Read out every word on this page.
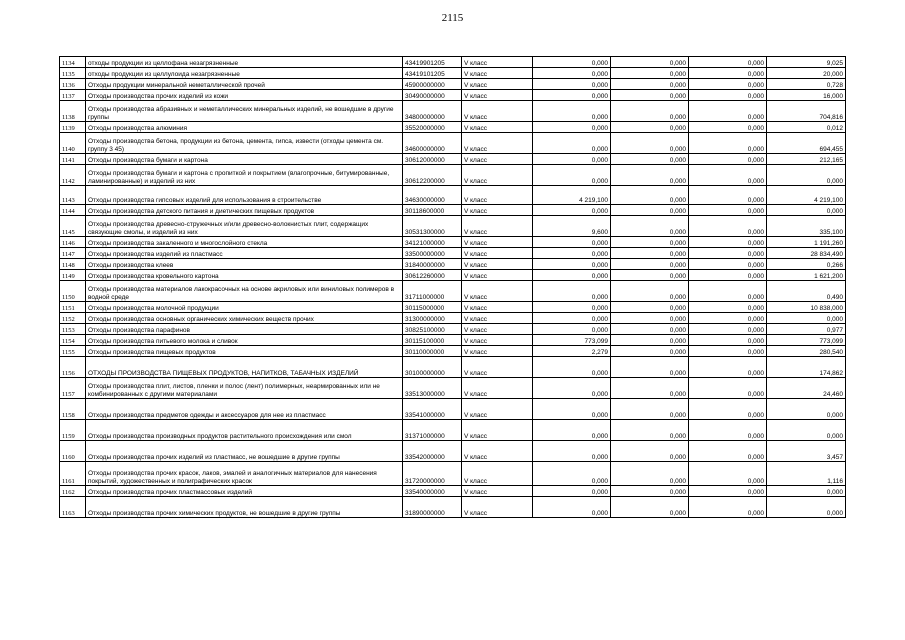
2115
1134	отходы продукции из целлофана незагрязненные	43419901205	V класс	0,000	0,000	0,000	9,025
1135	отходы продукции из целлулоида незагрязненные	43419101205	V класс	0,000	0,000	0,000	20,000
1136	Отходы продукции минеральной неметаллической прочей	45900000000	V класс	0,000	0,000	0,000	0,728
1137	Отходы производства прочих изделий из кожи	30490000000	V класс	0,000	0,000	0,000	16,000
1138	Отходы производства абразивных и неметаллических минеральных изделий, не вошедшие в другие группы	34800000000	V класс	0,000	0,000	0,000	704,816
1139	Отходы производства алюминия	35520000000	V класс	0,000	0,000	0,000	0,012
1140	Отходы производства бетона, продукции из бетона, цемента, гипса, извести (отходы цемента см. группу 3 45)	34600000000	V класс	0,000	0,000	0,000	694,455
1141	Отходы производства бумаги и картона	30612000000	V класс	0,000	0,000	0,000	212,165
1142	Отходы производства бумаги и картона с пропиткой и покрытием (влагопрочные, битумированные, ламинированные) и изделий из них	30612200000	V класс	0,000	0,000	0,000	0,000
1143	Отходы производства гипсовых изделий для использования в строительстве	34630000000	V класс	4 219,100	0,000	0,000	4 219,100
1144	Отходы производства детского питания и диетических пищевых продуктов	30118600000	V класс	0,000	0,000	0,000	0,000
1145	Отходы производства древесно-стружечных и/или древесно-волокнистых плит, содержащих связующие смолы, и изделий из них	30531300000	V класс	9,600	0,000	0,000	335,100
1146	Отходы производства закаленного и многослойного стекла	34121000000	V класс	0,000	0,000	0,000	1 191,260
1147	Отходы производства изделий из пластмасс	33500000000	V класс	0,000	0,000	0,000	28 834,490
1148	Отходы производства клеев	31840000000	V класс	0,000	0,000	0,000	0,266
1149	Отходы производства кровельного картона	30612260000	V класс	0,000	0,000	0,000	1 621,200
1150	Отходы производства материалов лакокрасочных на основе акриловых или виниловых полимеров в водной среде	31711000000	V класс	0,000	0,000	0,000	0,490
1151	Отходы производства молочной продукции	30115000000	V класс	0,000	0,000	0,000	10 838,000
1152	Отходы производства основных органических химических веществ прочих	31300000000	V класс	0,000	0,000	0,000	0,000
1153	Отходы производства парафинов	30825100000	V класс	0,000	0,000	0,000	0,977
1154	Отходы производства питьевого молока и сливок	30115100000	V класс	773,099	0,000	0,000	773,099
1155	Отходы производства пищевых продуктов	30110000000	V класс	2,279	0,000	0,000	280,540
1156	ОТХОДЫ ПРОИЗВОДСТВА ПИЩЕВЫХ ПРОДУКТОВ, НАПИТКОВ, ТАБАЧНЫХ ИЗДЕЛИЙ	30100000000	V класс	0,000	0,000	0,000	174,862
1157	Отходы производства плит, листов, пленки и полос (лент) полимерных, неармированных или не комбинированных с другими материалами	33513000000	V класс	0,000	0,000	0,000	24,460
1158	Отходы производства предметов одежды и аксессуаров для нее из пластмасс	33541000000	V класс	0,000	0,000	0,000	0,000
1159	Отходы производства производных продуктов растительного происхождения или смол	31371000000	V класс	0,000	0,000	0,000	0,000
1160	Отходы производства прочих изделий из пластмасс, не вошедшие в другие группы	33542000000	V класс	0,000	0,000	0,000	3,457
1161	Отходы производства прочих красок, лаков, эмалей и аналогичных материалов для нанесения покрытий, художественных и полиграфических красок	31720000000	V класс	0,000	0,000	0,000	1,116
1162	Отходы производства прочих пластмассовых изделий	33540000000	V класс	0,000	0,000	0,000	0,000
1163	Отходы производства прочих химических продуктов, не вошедшие в другие группы	31890000000	V класс	0,000	0,000	0,000	0,000
